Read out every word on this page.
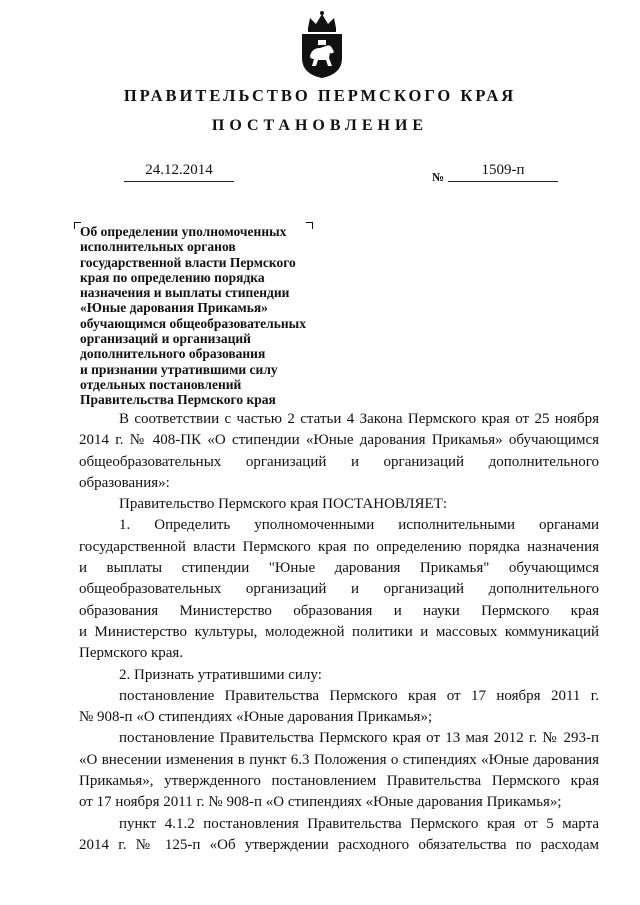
ПРАВИТЕЛЬСТВО ПЕРМСКОГО КРАЯ
ПОСТАНОВЛЕНИЕ
24.12.2014	№	1509-п
Об определении уполномоченных
исполнительных органов
государственной власти Пермского
края по определению порядка
назначения и выплаты стипендии
«Юные дарования Прикамья»
обучающимся общеобразовательных
организаций и организаций
дополнительного образования
и признании утратившими силу
отдельных постановлений
Правительства Пермского края

В соответствии с частью 2 статьи 4 Закона Пермского края от 25 ноября

2014 г. № 408-ПК «О стипендии «Юные дарования Прикамья» обучающимся

общеобразовательных организаций и организаций дополнительного

образования»:

Правительство Пермского края ПОСТАНОВЛЯЕТ:

1. Определить уполномоченными исполнительными органами

государственной власти Пермского края по определению порядка назначения

и выплаты стипендии "Юные дарования Прикамья" обучающимся

общеобразовательных организаций и организаций дополнительного

образования Министерство образования и науки Пермского края

и Министерство культуры, молодежной политики и массовых коммуникаций

Пермского края.

2. Признать утратившими силу:

постановление Правительства Пермского края от 17 ноября 2011 г.

№ 908-п «О стипендиях «Юные дарования Прикамья»;

постановление Правительства Пермского края от 13 мая 2012 г. № 293-п

«О внесении изменения в пункт 6.3 Положения о стипендиях «Юные дарования

Прикамья», утвержденного постановлением Правительства Пермского края

от 17 ноября 2011 г. № 908-п «О стипендиях «Юные дарования Прикамья»;

пункт 4.1.2 постановления Правительства Пермского края от 5 марта

2014 г. № 125-п «Об утверждении расходного обязательства по расходам
